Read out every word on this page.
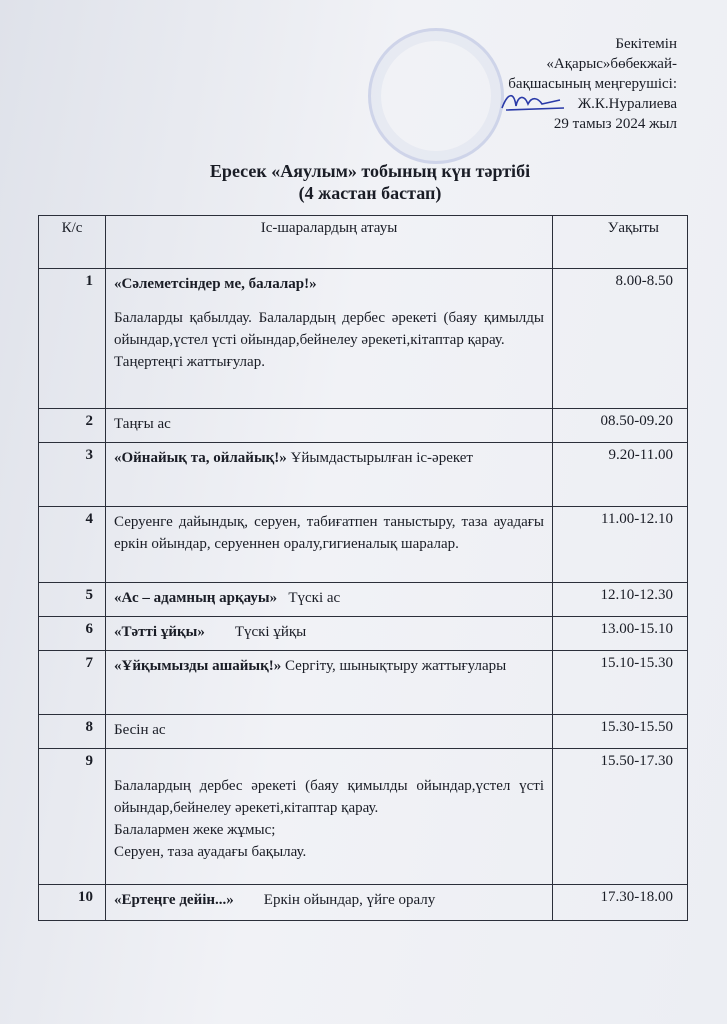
Бекітемін
«Ақарыс»бөбекжай-
бақшасының меңгерушісі:
Ж.К.Нуралиева
29 тамыз 2024 жыл
Ересек «Аяулым» тобының күн тәртібі
(4 жастан бастап)
К/с	Іс-шаралардың атауы	Уақыты
1	«Сәлеметсіндер ме, балалар!»
Балаларды қабылдау. Балалардың дербес әрекеті (баяу қимылды ойындар,үстел үсті ойындар,бейнелеу әрекеті,кітаптар қарау.
Таңертеңгі жаттығулар.	8.00-8.50
2	Таңғы ас	08.50-09.20
3	«Ойнайық та, ойлайық!» Ұйымдастырылған іс-әрекет	9.20-11.00
4	Серуенге дайындық, серуен, табиғатпен таныстыру, таза ауадағы еркін ойындар, серуеннен оралу,гигиеналық шаралар.	11.00-12.10
5	«Ас – адамның арқауы»   Түскі ас	12.10-12.30
6	«Тәтті ұйқы»        Түскі ұйқы	13.00-15.10
7	«Ұйқымызды ашайық!» Сергіту, шынықтыру жаттығулары	15.10-15.30
8	Бесін ас	15.30-15.50
9	Балалардың дербес әрекеті (баяу қимылды ойындар,үстел үсті ойындар,бейнелеу әрекеті,кітаптар қарау.
Балалармен жеке жұмыс;
Серуен, таза ауадағы бақылау.	15.50-17.30
10	«Ертеңге дейін...»        Еркін ойындар, үйге оралу	17.30-18.00
